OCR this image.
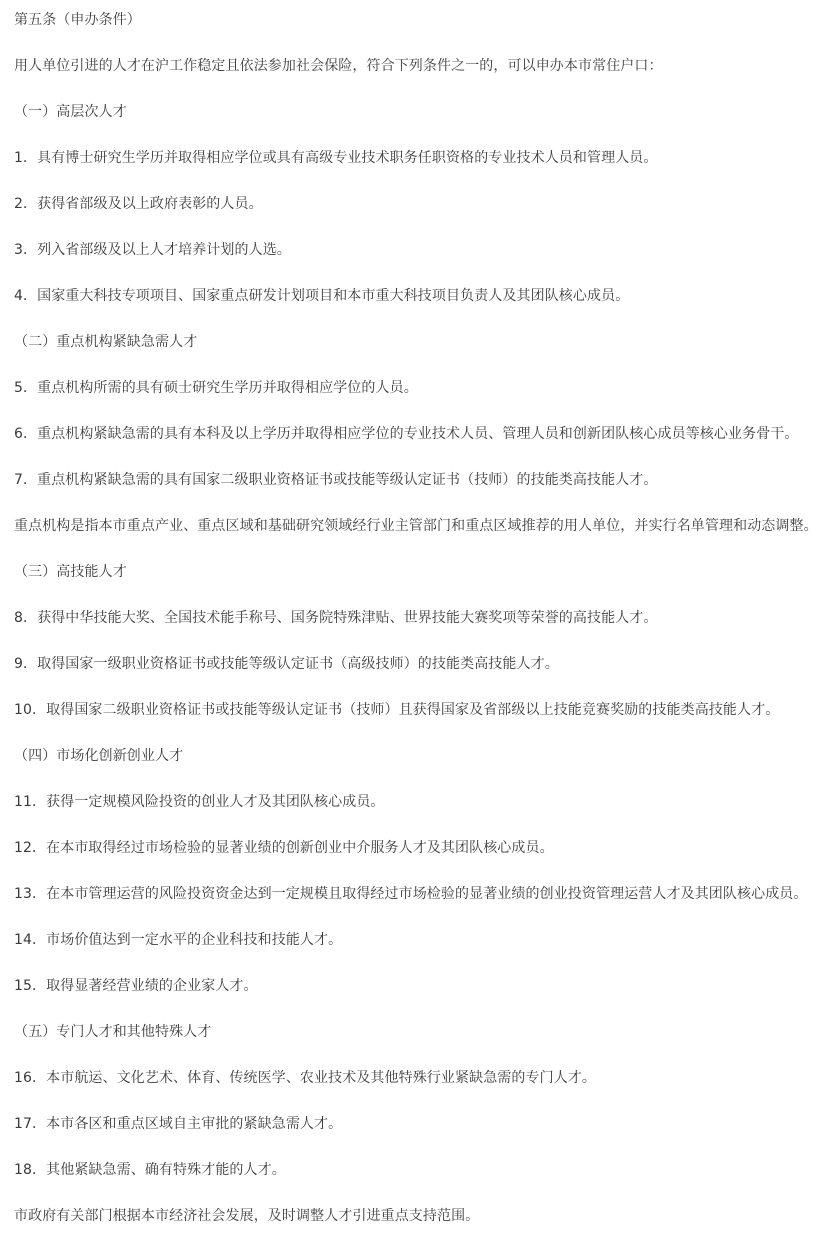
第五条（申办条件）
用人单位引进的人才在沪工作稳定且依法参加社会保险，符合下列条件之一的，可以申办本市常住户口：
（一）高层次人才
1．具有博士研究生学历并取得相应学位或具有高级专业技术职务任职资格的专业技术人员和管理人员。
2．获得省部级及以上政府表彰的人员。
3．列入省部级及以上人才培养计划的人选。
4．国家重大科技专项项目、国家重点研发计划项目和本市重大科技项目负责人及其团队核心成员。
（二）重点机构紧缺急需人才
5．重点机构所需的具有硕士研究生学历并取得相应学位的人员。
6．重点机构紧缺急需的具有本科及以上学历并取得相应学位的专业技术人员、管理人员和创新团队核心成员等核心业务骨干。
7．重点机构紧缺急需的具有国家二级职业资格证书或技能等级认定证书（技师）的技能类高技能人才。
重点机构是指本市重点产业、重点区域和基础研究领域经行业主管部门和重点区域推荐的用人单位，并实行名单管理和动态调整。
（三）高技能人才
8．获得中华技能大奖、全国技术能手称号、国务院特殊津贴、世界技能大赛奖项等荣誉的高技能人才。
9．取得国家一级职业资格证书或技能等级认定证书（高级技师）的技能类高技能人才。
10．取得国家二级职业资格证书或技能等级认定证书（技师）且获得国家及省部级以上技能竞赛奖励的技能类高技能人才。
（四）市场化创新创业人才
11．获得一定规模风险投资的创业人才及其团队核心成员。
12．在本市取得经过市场检验的显著业绩的创新创业中介服务人才及其团队核心成员。
13．在本市管理运营的风险投资资金达到一定规模且取得经过市场检验的显著业绩的创业投资管理运营人才及其团队核心成员。
14．市场价值达到一定水平的企业科技和技能人才。
15．取得显著经营业绩的企业家人才。
（五）专门人才和其他特殊人才
16．本市航运、文化艺术、体育、传统医学、农业技术及其他特殊行业紧缺急需的专门人才。
17．本市各区和重点区域自主审批的紧缺急需人才。
18．其他紧缺急需、确有特殊才能的人才。
市政府有关部门根据本市经济社会发展，及时调整人才引进重点支持范围。
